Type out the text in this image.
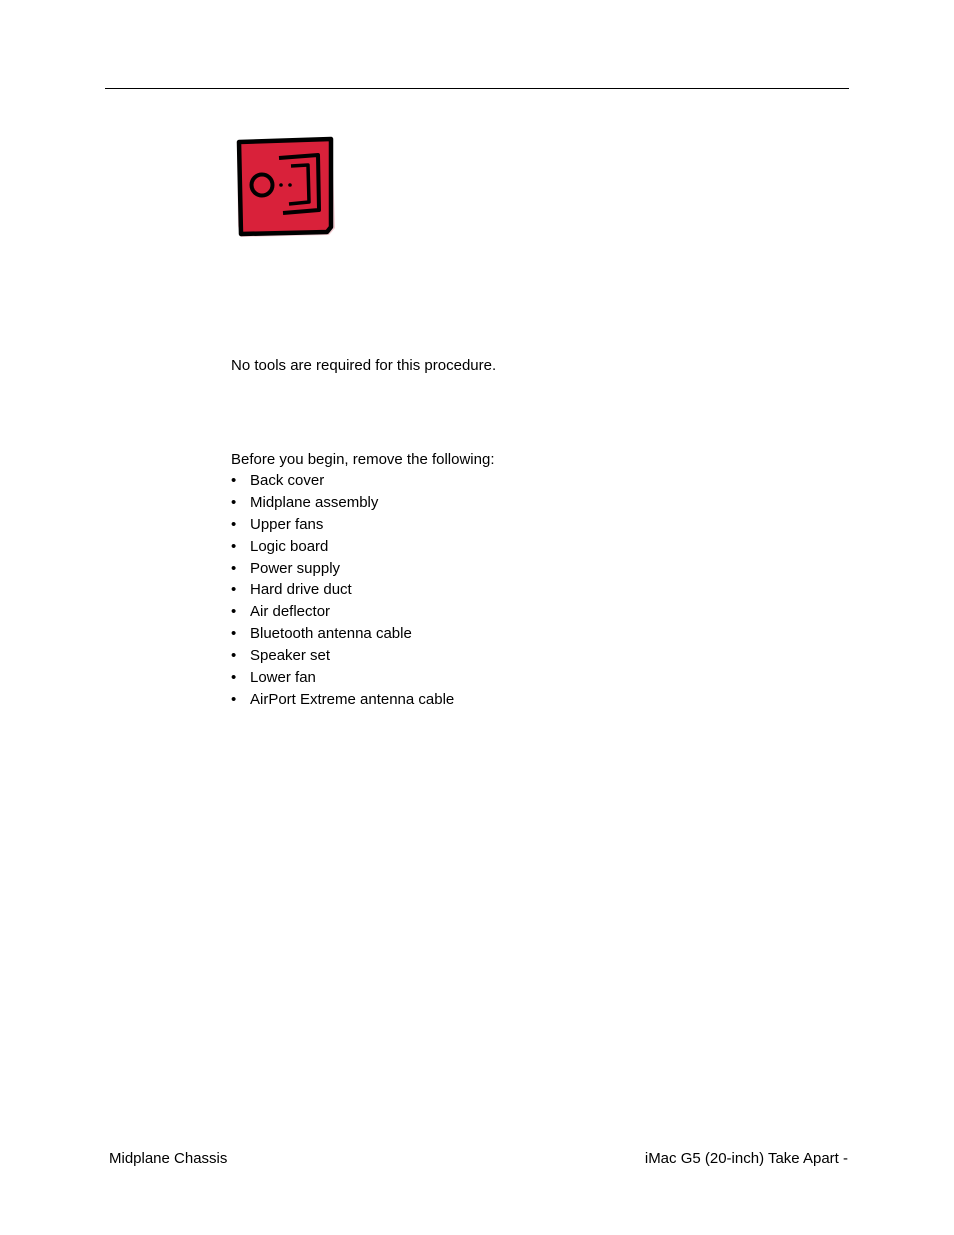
No tools are required for this procedure.
Before you begin, remove the following:
• Back cover
• Midplane assembly
• Upper fans
• Logic board
• Power supply
• Hard drive duct
• Air deflector
• Bluetooth antenna cable
• Speaker set
• Lower fan
• AirPort Extreme antenna cable
Midplane Chassis	iMac G5 (20-inch) Take Apart -
